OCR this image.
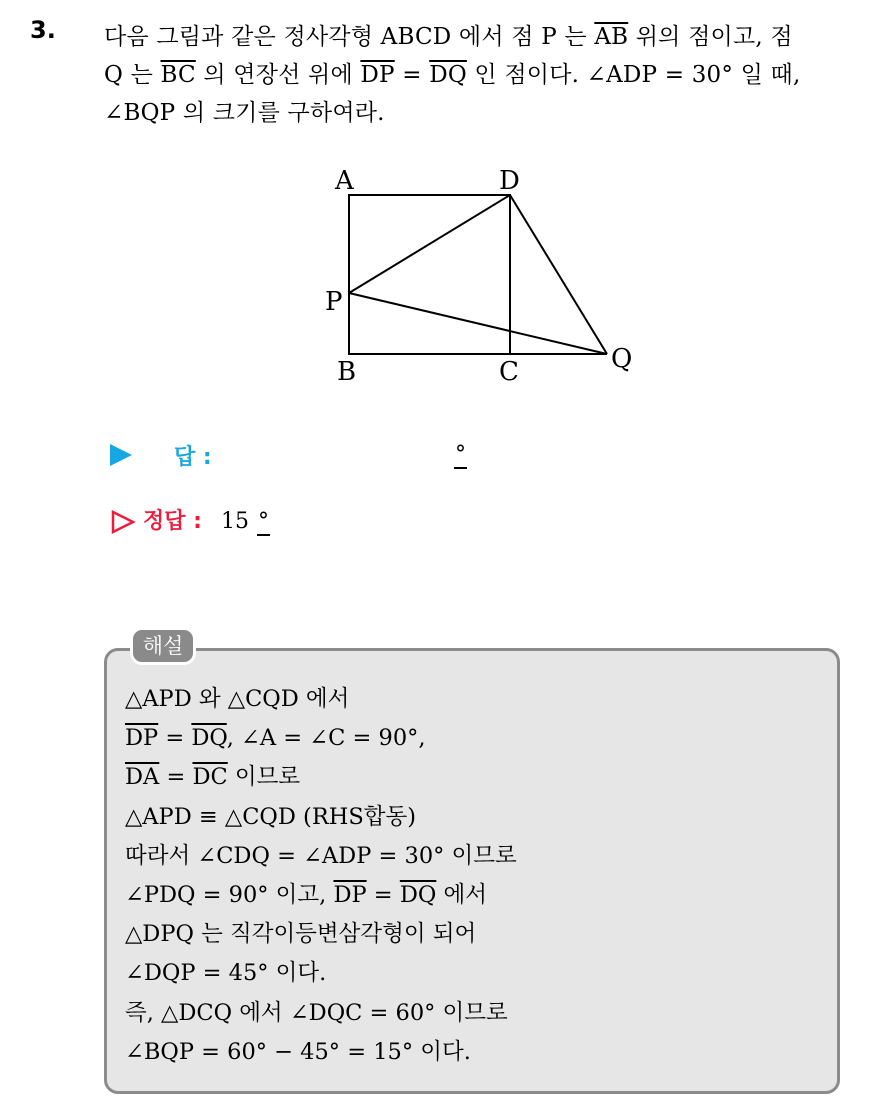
3. 다음 그림과 같은 정사각형 ABCD 에서 점 P 는 $\overline{AB}$ 위의 점이고, 점
Q 는 $\overline{BC}$ 의 연장선 위에 $\overline{DP} = \overline{DQ}$ 인 점이다. ∠ADP = 30° 일 때,
∠BQP 의 크기를 구하여라.
A	D
P
B	C	Q
답 :	°
정답 : 15 °
해설
△APD 와 △CQD 에서
$\overline{DP} = \overline{DQ}$, ∠A = ∠C = 90°,
$\overline{DA} = \overline{DC}$ 이므로
△APD ≡ △CQD (RHS합동)
따라서 ∠CDQ = ∠ADP = 30° 이므로
∠PDQ = 90° 이고, $\overline{DP} = \overline{DQ}$ 에서
△DPQ 는 직각이등변삼각형이 되어
∠DQP = 45° 이다.
즉, △DCQ 에서 ∠DQC = 60° 이므로
∠BQP = 60° − 45° = 15° 이다.
